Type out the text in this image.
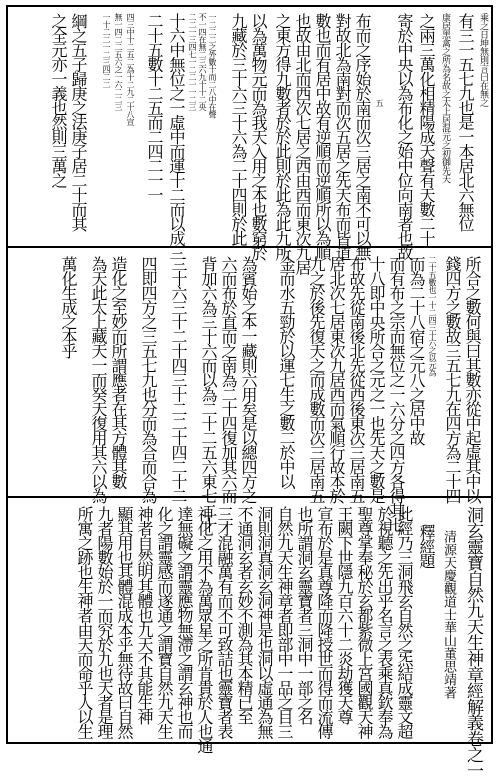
有三一五七九也是一本居北六無位 乘之日坤無則言曰在無之
之兩三萬化相精陽成天聲有天數二十 康居黑禽之所為名故之太上居混元之初御先天
寄於中央以為布化之始中位向南者也故
布而之序始於南而次三居之南不可以無
對故北為南對而次五居之先天布而皆道
數也而有居中故有逆順而逆順所以為順
也故由北而西次七居之西由西而東次九居
之東方得九數者於於此則於此為此九所
以為萬物元而為我天入用之本也數窮於
九藏於三十六三十六為二十四則於此
十六中無位之一虛中而運十二而以成三
二十五數十二五而二四二一一
綱之五子歸庚之法庚子居二十而其
之全元亦一義也然則三萬之	一二二二之外數十而二八中在聲
不一四在無二三六九十十二央
二二一三四七一二二一一二三
四三中十二五二為十二九二十八宣
無一四二二五六之一六二二三
一十二二一二三四二二
五
所合之數何與曰其數亦從中起虛其中以
錢四方之數故三五七九在四方為二十四
二十五數也一十二四三十六之以元為
而為二十八宿之元八之居中故
而有布之宗而無位之一六分之四方各得其七
十八即中央所合之元之一也先天之數是
布故先從南後北先從西後東次三居南五
居北次七居東次九居西而氣順行故本於
九之於後先復天之而成數而次三居南五
金而水五勁於以運七生之數二於中以
為賓始之本一藏則六用矣是以總四方之
六而布於直而之南為二十四復加其六而
背加六為三十六而以為二十二五六東七二十
三十六三十二十四三十二二十四二十二
四即四方之三五七九也分而為合而合為
造化之至妙而所謂應者在其方體其數
為天此太上藏天一而癸天復用其六以為
萬化生成之本乎
洞玄靈寶自然九天生神章經解義卷之一
清源天慶觀道士華山董思靖著
釋經題
此經乃三洞飛玄自然之炁結成靈文超
於視聽之先出乎名言之表乘真欽奉為
聖尊掌奉秘於玄都紫微上宮國觀天神
王闕下世隱九百六十二炎劫獲天尊
宣布於是真尊降而降授世而得而流傳
也所謂洞玄靈寶者三洞中一部之名
自然九天生神章者即部中一品之目三
洞則洞真洞玄洞神是也洞以虛通為無
不通洞玄者玄妙不測為其本精已至
三才混融萬有而不可致詰也靈寶者表
神化之用不為萬眾星之所肯貴於人也通
達無礙之謂靈應物無滯之謂玄神也而
化之謂靈感而遂通之謂寶自然九天生
神者自然明其體也九天不其能生神
顯其用也其體混成本乎無待故曰自然
九者陽數始於一而究於九也天者是理
所寓之跡也生神者由天而命乎人以生
